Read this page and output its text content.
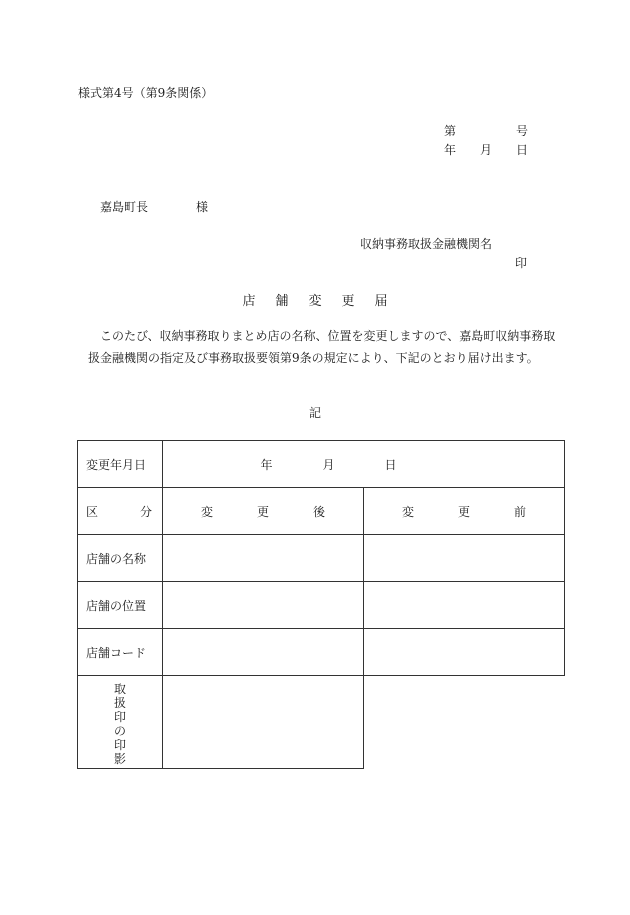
様式第4号（第9条関係）
第	号
年 月 日
嘉島町長	様
収納事務取扱金融機関名
印
店舗変更届
このたび、収納事務取りまとめ店の名称、位置を変更しますので、嘉島町収納事務取扱金融機関の指定及び事務取扱要領第9条の規定により、下記のとおり届け出ます。
記
変更年月日	年 月 日	

区 分	変 更 後	変 更 前

店舗の名称		
店舗の位置		
店舗コード		

取扱印の印影		
